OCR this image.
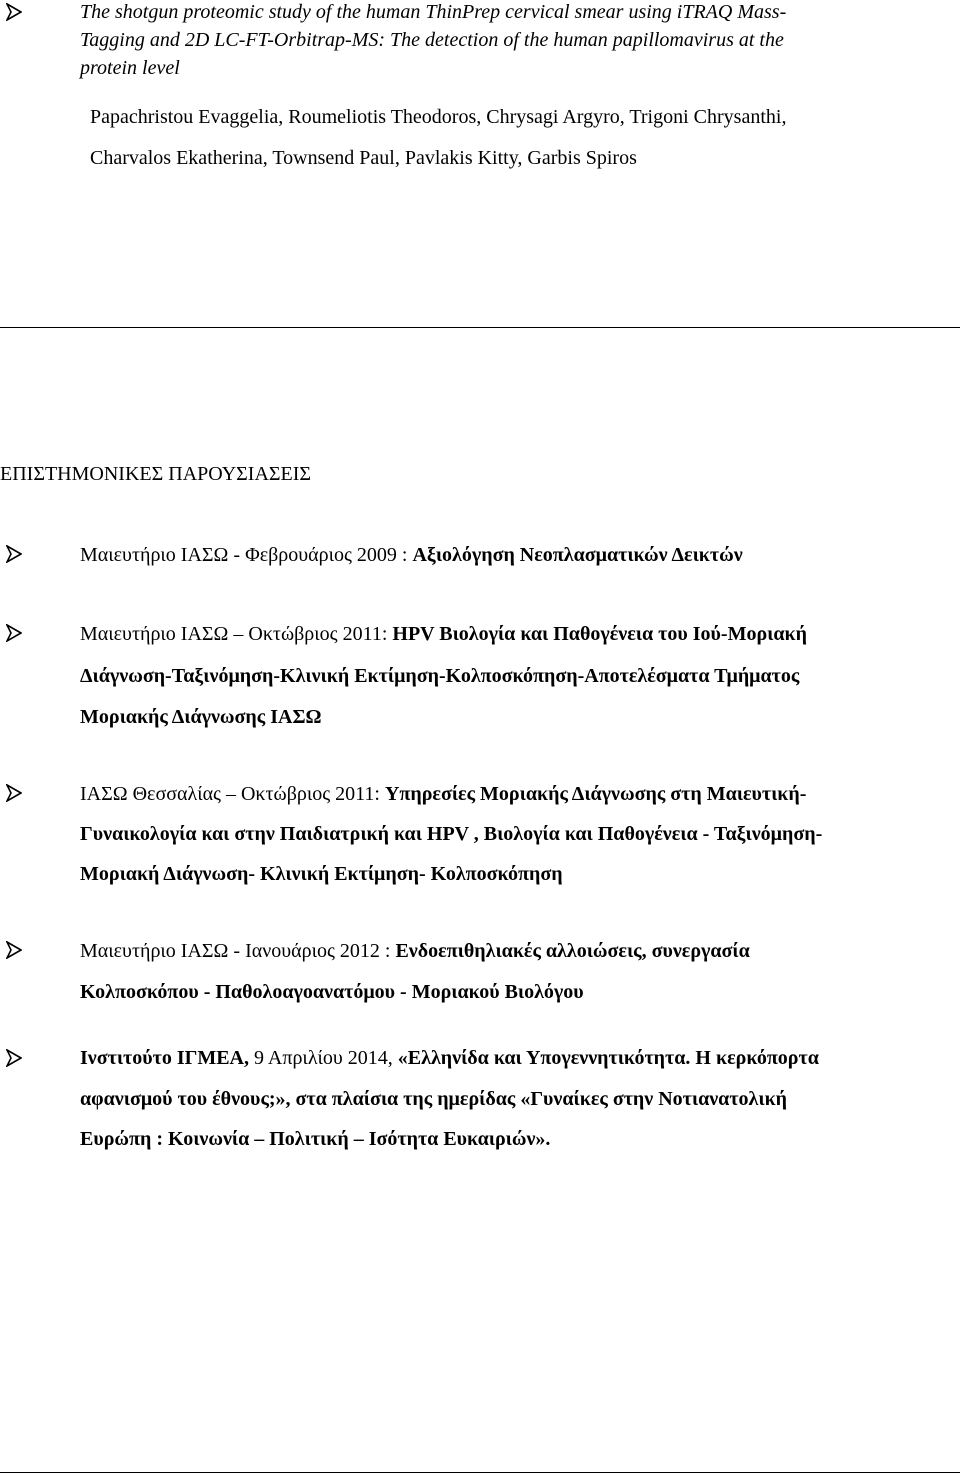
The shotgun proteomic study of the human ThinPrep cervical smear using iTRAQ Mass-
Tagging and 2D LC-FT-Orbitrap-MS: The detection of the human papillomavirus at the
protein level
Papachristou Evaggelia, Roumeliotis Theodoros, Chrysagi Argyro, Trigoni Chrysanthi,
Charvalos Ekatherina, Townsend Paul, Pavlakis Kitty, Garbis Spiros
ΕΠΙΣΤΗΜΟΝΙΚΕΣ ΠΑΡΟΥΣΙΑΣΕΙΣ
Μαιευτήριο ΙΑΣΩ - Φεβρουάριος 2009 : Αξιολόγηση Νεοπλασματικών Δεικτών
Μαιευτήριο ΙΑΣΩ – Οκτώβριος 2011: HPV Βιολογία και Παθογένεια του Ιού-Μοριακή
Διάγνωση-Ταξινόμηση-Κλινική Εκτίμηση-Κολποσκόπηση-Αποτελέσματα Τμήματος
Μοριακής Διάγνωσης ΙΑΣΩ
ΙΑΣΩ Θεσσαλίας – Οκτώβριος 2011: Υπηρεσίες Μοριακής Διάγνωσης στη Μαιευτική-
Γυναικολογία και στην Παιδιατρική και HPV , Βιολογία και Παθογένεια - Ταξινόμηση-
Μοριακή Διάγνωση- Κλινική Εκτίμηση- Κολποσκόπηση
Μαιευτήριο ΙΑΣΩ - Ιανουάριος 2012 : Ενδοεπιθηλιακές αλλοιώσεις, συνεργασία
Κολποσκόπου - Παθολοαγοανατόμου - Μοριακού Βιολόγου
Ινστιτούτο ΙΓΜΕΑ, 9 Απριλίου 2014, «Ελληνίδα και Υπογεννητικότητα. Η κερκόπορτα
αφανισμού του έθνους;», στα πλαίσια της ημερίδας «Γυναίκες στην Νοτιανατολική
Ευρώπη : Κοινωνία – Πολιτική – Ισότητα Ευκαιριών».
